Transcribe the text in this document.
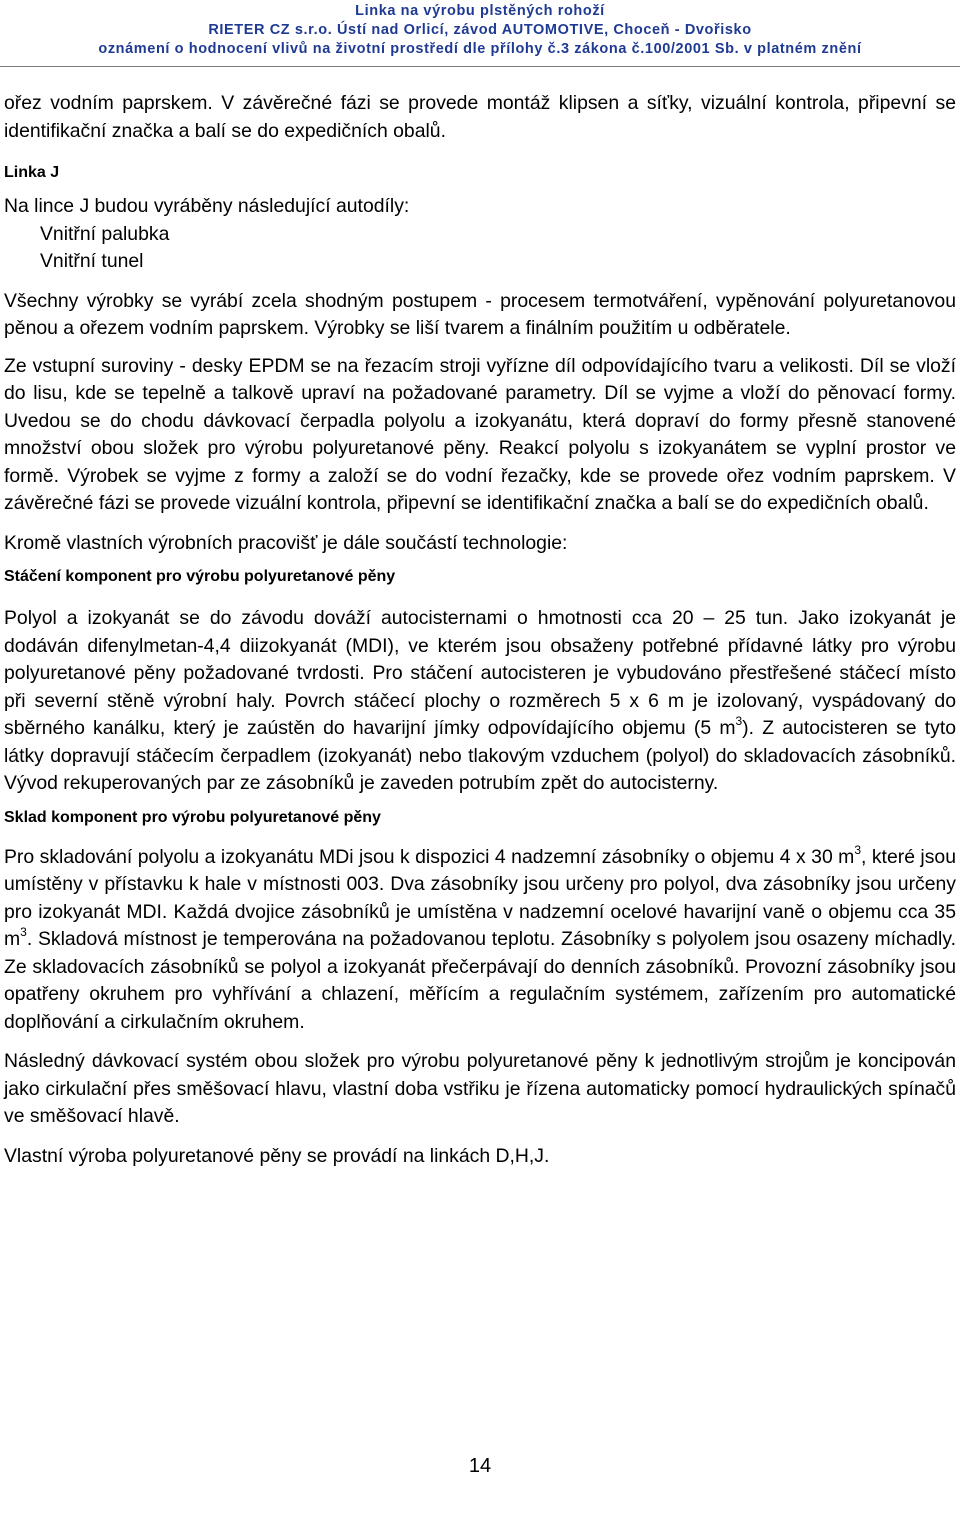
Linka na výrobu plstěných rohoží
RIETER CZ s.r.o. Ústí nad Orlicí, závod AUTOMOTIVE, Choceň - Dvořisko
oznámení o hodnocení vlivů na životní prostředí dle přílohy č.3 zákona č.100/2001 Sb. v platném znění

ořez vodním paprskem. V závěrečné fázi se provede montáž klipsen a síťky, vizuální kontrola, připevní se identifikační značka a balí se do expedičních obalů.

Linka J

Na lince J budou vyráběny následující autodíly:

Vnitřní palubka

Vnitřní tunel

Všechny výrobky se vyrábí zcela shodným postupem - procesem termotváření, vypěnování polyuretanovou pěnou a ořezem vodním paprskem. Výrobky se liší tvarem a finálním použitím u odběratele.

Ze vstupní suroviny - desky EPDM se na řezacím stroji vyřízne díl odpovídajícího tvaru a velikosti. Díl se vloží do lisu, kde se tepelně a talkově upraví na požadované parametry. Díl se vyjme a vloží do pěnovací formy. Uvedou se do chodu dávkovací čerpadla polyolu a izokyanátu, která dopraví do formy přesně stanovené množství obou složek pro výrobu polyuretanové pěny. Reakcí polyolu s izokyanátem se vyplní prostor ve formě. Výrobek se vyjme z formy a založí se do vodní řezačky, kde se provede ořez vodním paprskem. V závěrečné fázi se provede vizuální kontrola, připevní se identifikační značka a balí se do expedičních obalů.

Kromě vlastních výrobních pracovišť je dále součástí technologie:

Stáčení komponent pro výrobu polyuretanové pěny

Polyol a izokyanát se do závodu dováží autocisternami o hmotnosti cca 20 – 25 tun. Jako izokyanát je dodáván difenylmetan-4,4 diizokyanát (MDI), ve kterém jsou obsaženy potřebné přídavné látky pro výrobu polyuretanové pěny požadované tvrdosti. Pro stáčení autocisteren je vybudováno přestřešené stáčecí místo při severní stěně výrobní haly. Povrch stáčecí plochy o rozměrech 5 x 6 m je izolovaný, vyspádovaný do sběrného kanálku, který je zaústěn do havarijní jímky odpovídajícího objemu (5 $m^3$). Z autocisteren se tyto látky dopravují stáčecím čerpadlem (izokyanát) nebo tlakovým vzduchem (polyol) do skladovacích zásobníků. Vývod rekuperovaných par ze zásobníků je zaveden potrubím zpět do autocisterny.

Sklad komponent pro výrobu polyuretanové pěny

Pro skladování polyolu a izokyanátu MDi jsou k dispozici 4 nadzemní zásobníky o objemu 4 x 30 $m^3$, které jsou umístěny v přístavku k hale v místnosti 003. Dva zásobníky jsou určeny pro polyol, dva zásobníky jsou určeny pro izokyanát MDI. Každá dvojice zásobníků je umístěna v nadzemní ocelové havarijní vaně o objemu cca 35 $m^3$. Skladová místnost je temperována na požadovanou teplotu. Zásobníky s polyolem jsou osazeny míchadly. Ze skladovacích zásobníků se polyol a izokyanát přečerpávají do denních zásobníků. Provozní zásobníky jsou opatřeny okruhem pro vyhřívání a chlazení, měřícím a regulačním systémem, zařízením pro automatické doplňování a cirkulačním okruhem.

Následný dávkovací systém obou složek pro výrobu polyuretanové pěny k jednotlivým strojům je koncipován jako cirkulační přes směšovací hlavu, vlastní doba vstřiku je řízena automaticky pomocí hydraulických spínačů ve směšovací hlavě.

Vlastní výroba polyuretanové pěny se provádí na linkách D,H,J.

14
